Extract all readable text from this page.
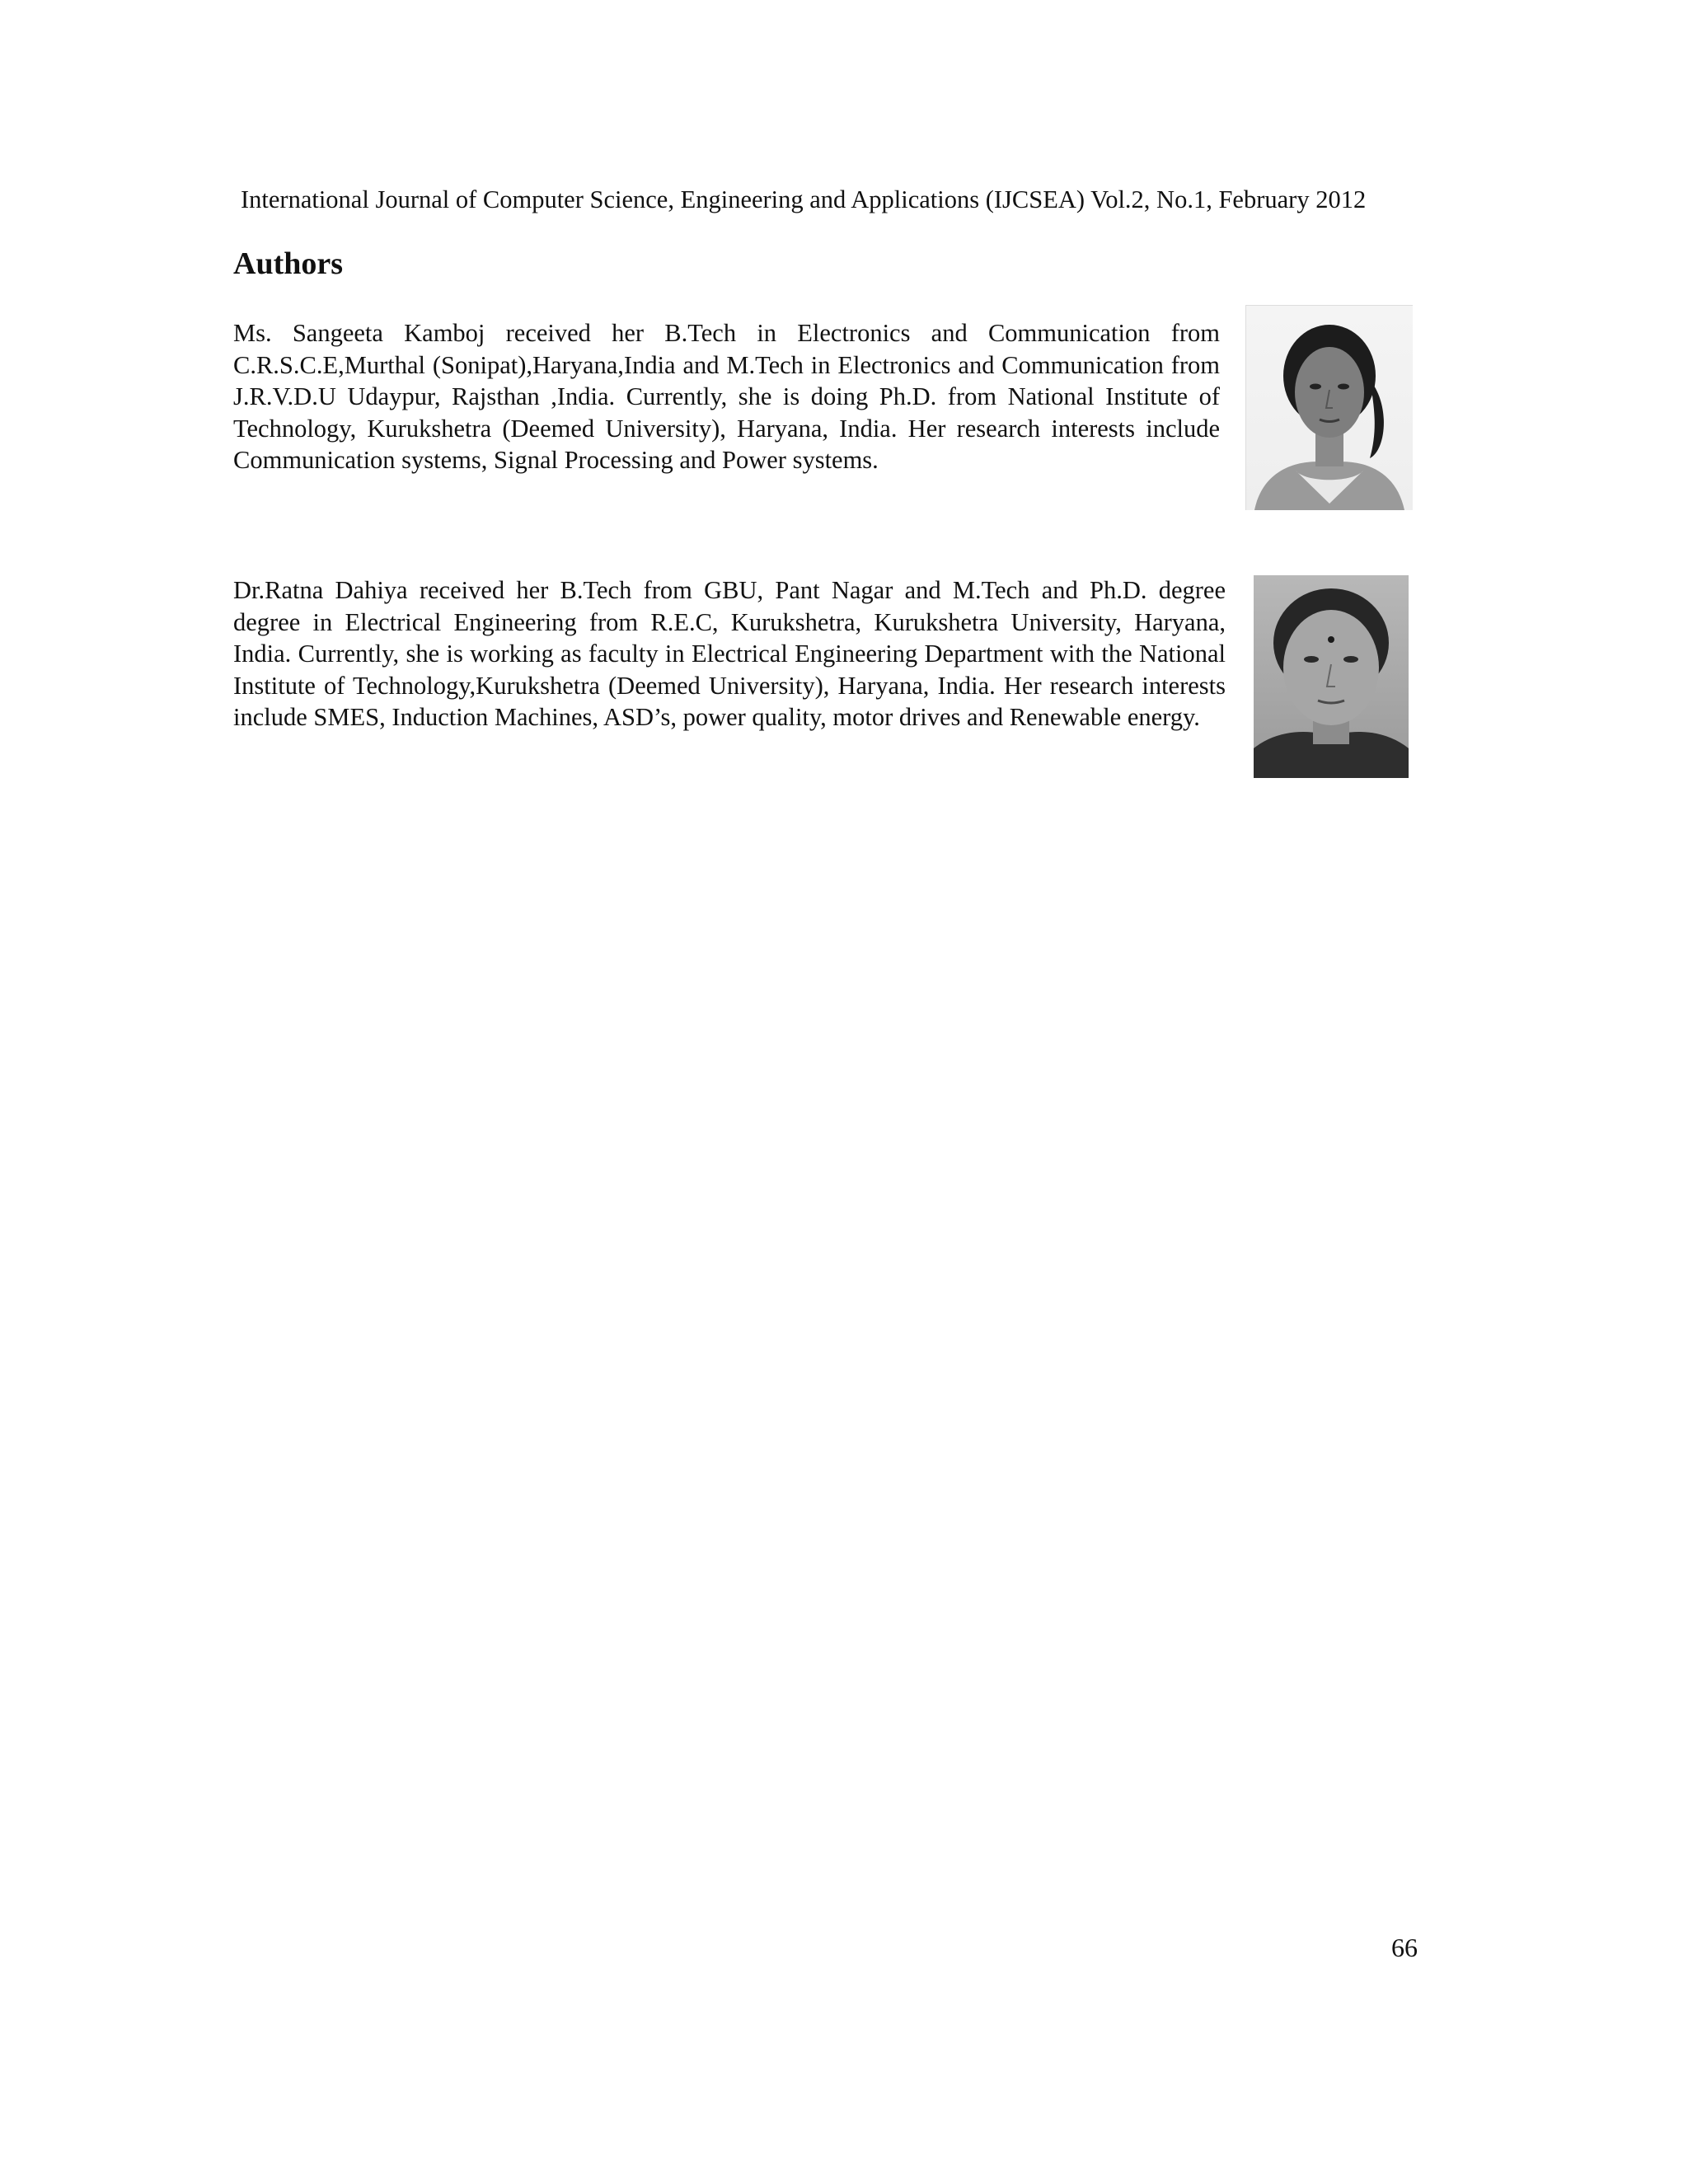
International Journal of Computer Science, Engineering and Applications (IJCSEA) Vol.2, No.1, February 2012
Authors

Ms. Sangeeta Kamboj received her B.Tech in Electronics and Communication from C.R.S.C.E,Murthal (Sonipat),Haryana,India and M.Tech in Electronics and Communication from J.R.V.D.U Udaypur, Rajsthan ,India. Currently, she is doing Ph.D. from National Institute of Technology, Kurukshetra (Deemed University), Haryana, India. Her research interests include Communication systems, Signal Processing and Power systems.

Dr.Ratna Dahiya received her B.Tech from GBU, Pant Nagar and M.Tech and Ph.D. degree degree in Electrical Engineering from R.E.C, Kurukshetra, Kurukshetra University, Haryana, India. Currently, she is working as faculty in Electrical Engineering Department with the National Institute of Technology,Kurukshetra (Deemed University), Haryana, India. Her research interests include SMES, Induction Machines, ASD’s, power quality, motor drives and Renewable energy.

66
